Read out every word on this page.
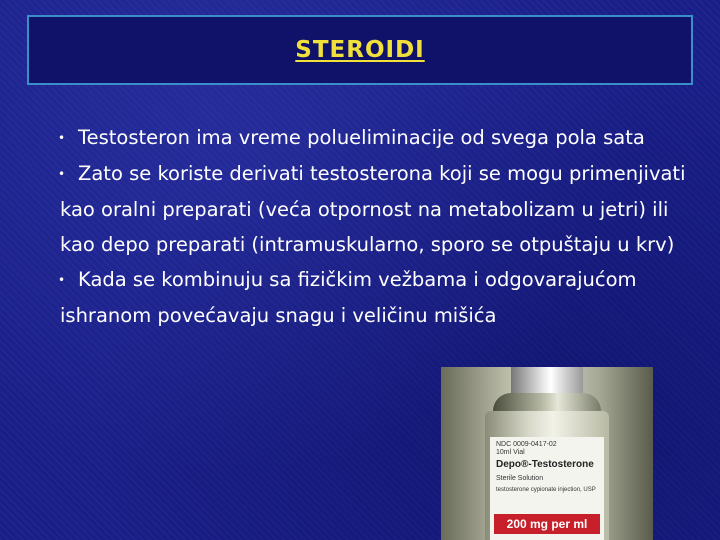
STEROIDI

• Testosteron ima vreme polueliminacije od svega pola sata

• Zato se koriste derivati testosterona koji se mogu primenjivati kao oralni preparati (veća otpornost na metabolizam u jetri) ili kao depo preparati (intramuskularno, sporo se otpuštaju u krv)

• Kada se kombinuju sa fizičkim vežbama i odgovarajućom ishranom povećavaju snagu i veličinu mišića

NDC 0009-0417-02
10ml Vial
Depo®-Testosterone
Sterile Solution
testosterone cypionate injection, USP
200 mg per ml
